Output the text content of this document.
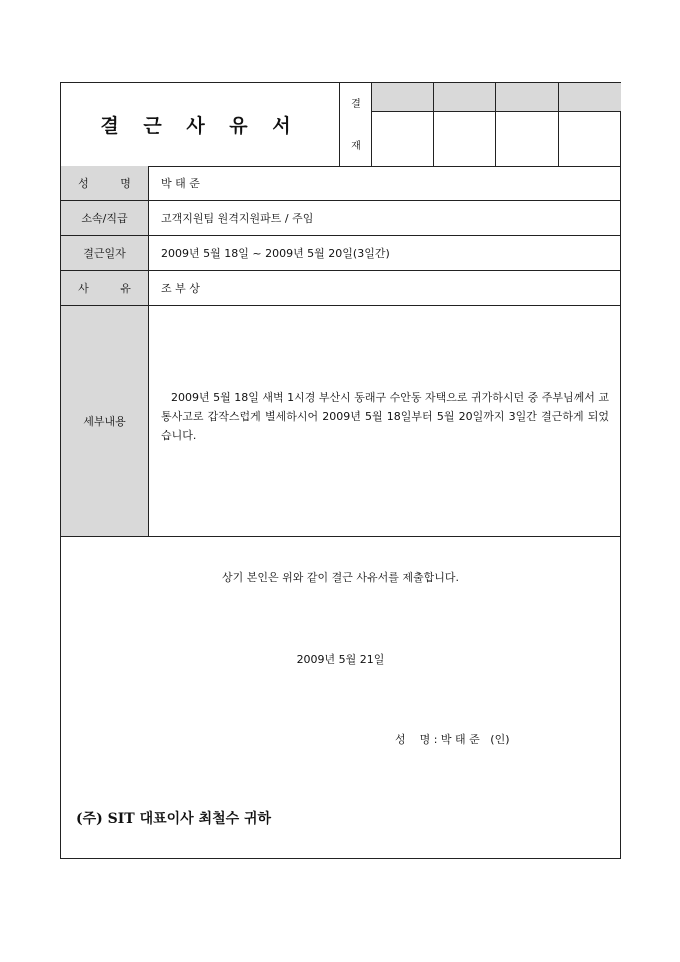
결 근 사 유 서
결
재
성 명 박 태 준
소속/직급	고객지원팀 원격지원파트 / 주임
결근일자	2009년 5월 18일 ~ 2009년 5월 20일(3일간)
사 유 조 부 상
세부내용
2009년 5월 18일 새벽 1시경 부산시 동래구 수안동 자택으로 귀가하시던 중 주부님께서 교통사고로 갑작스럽게 별세하시어 2009년 5월 18일부터 5월 20일까지 3일간 결근하게 되었습니다.
상기 본인은 위와 같이 결근 사유서를 제출합니다.
2009년 5월 21일
성    명 : 박 태 준   (인)
(주) SIT 대표이사 최철수 귀하
